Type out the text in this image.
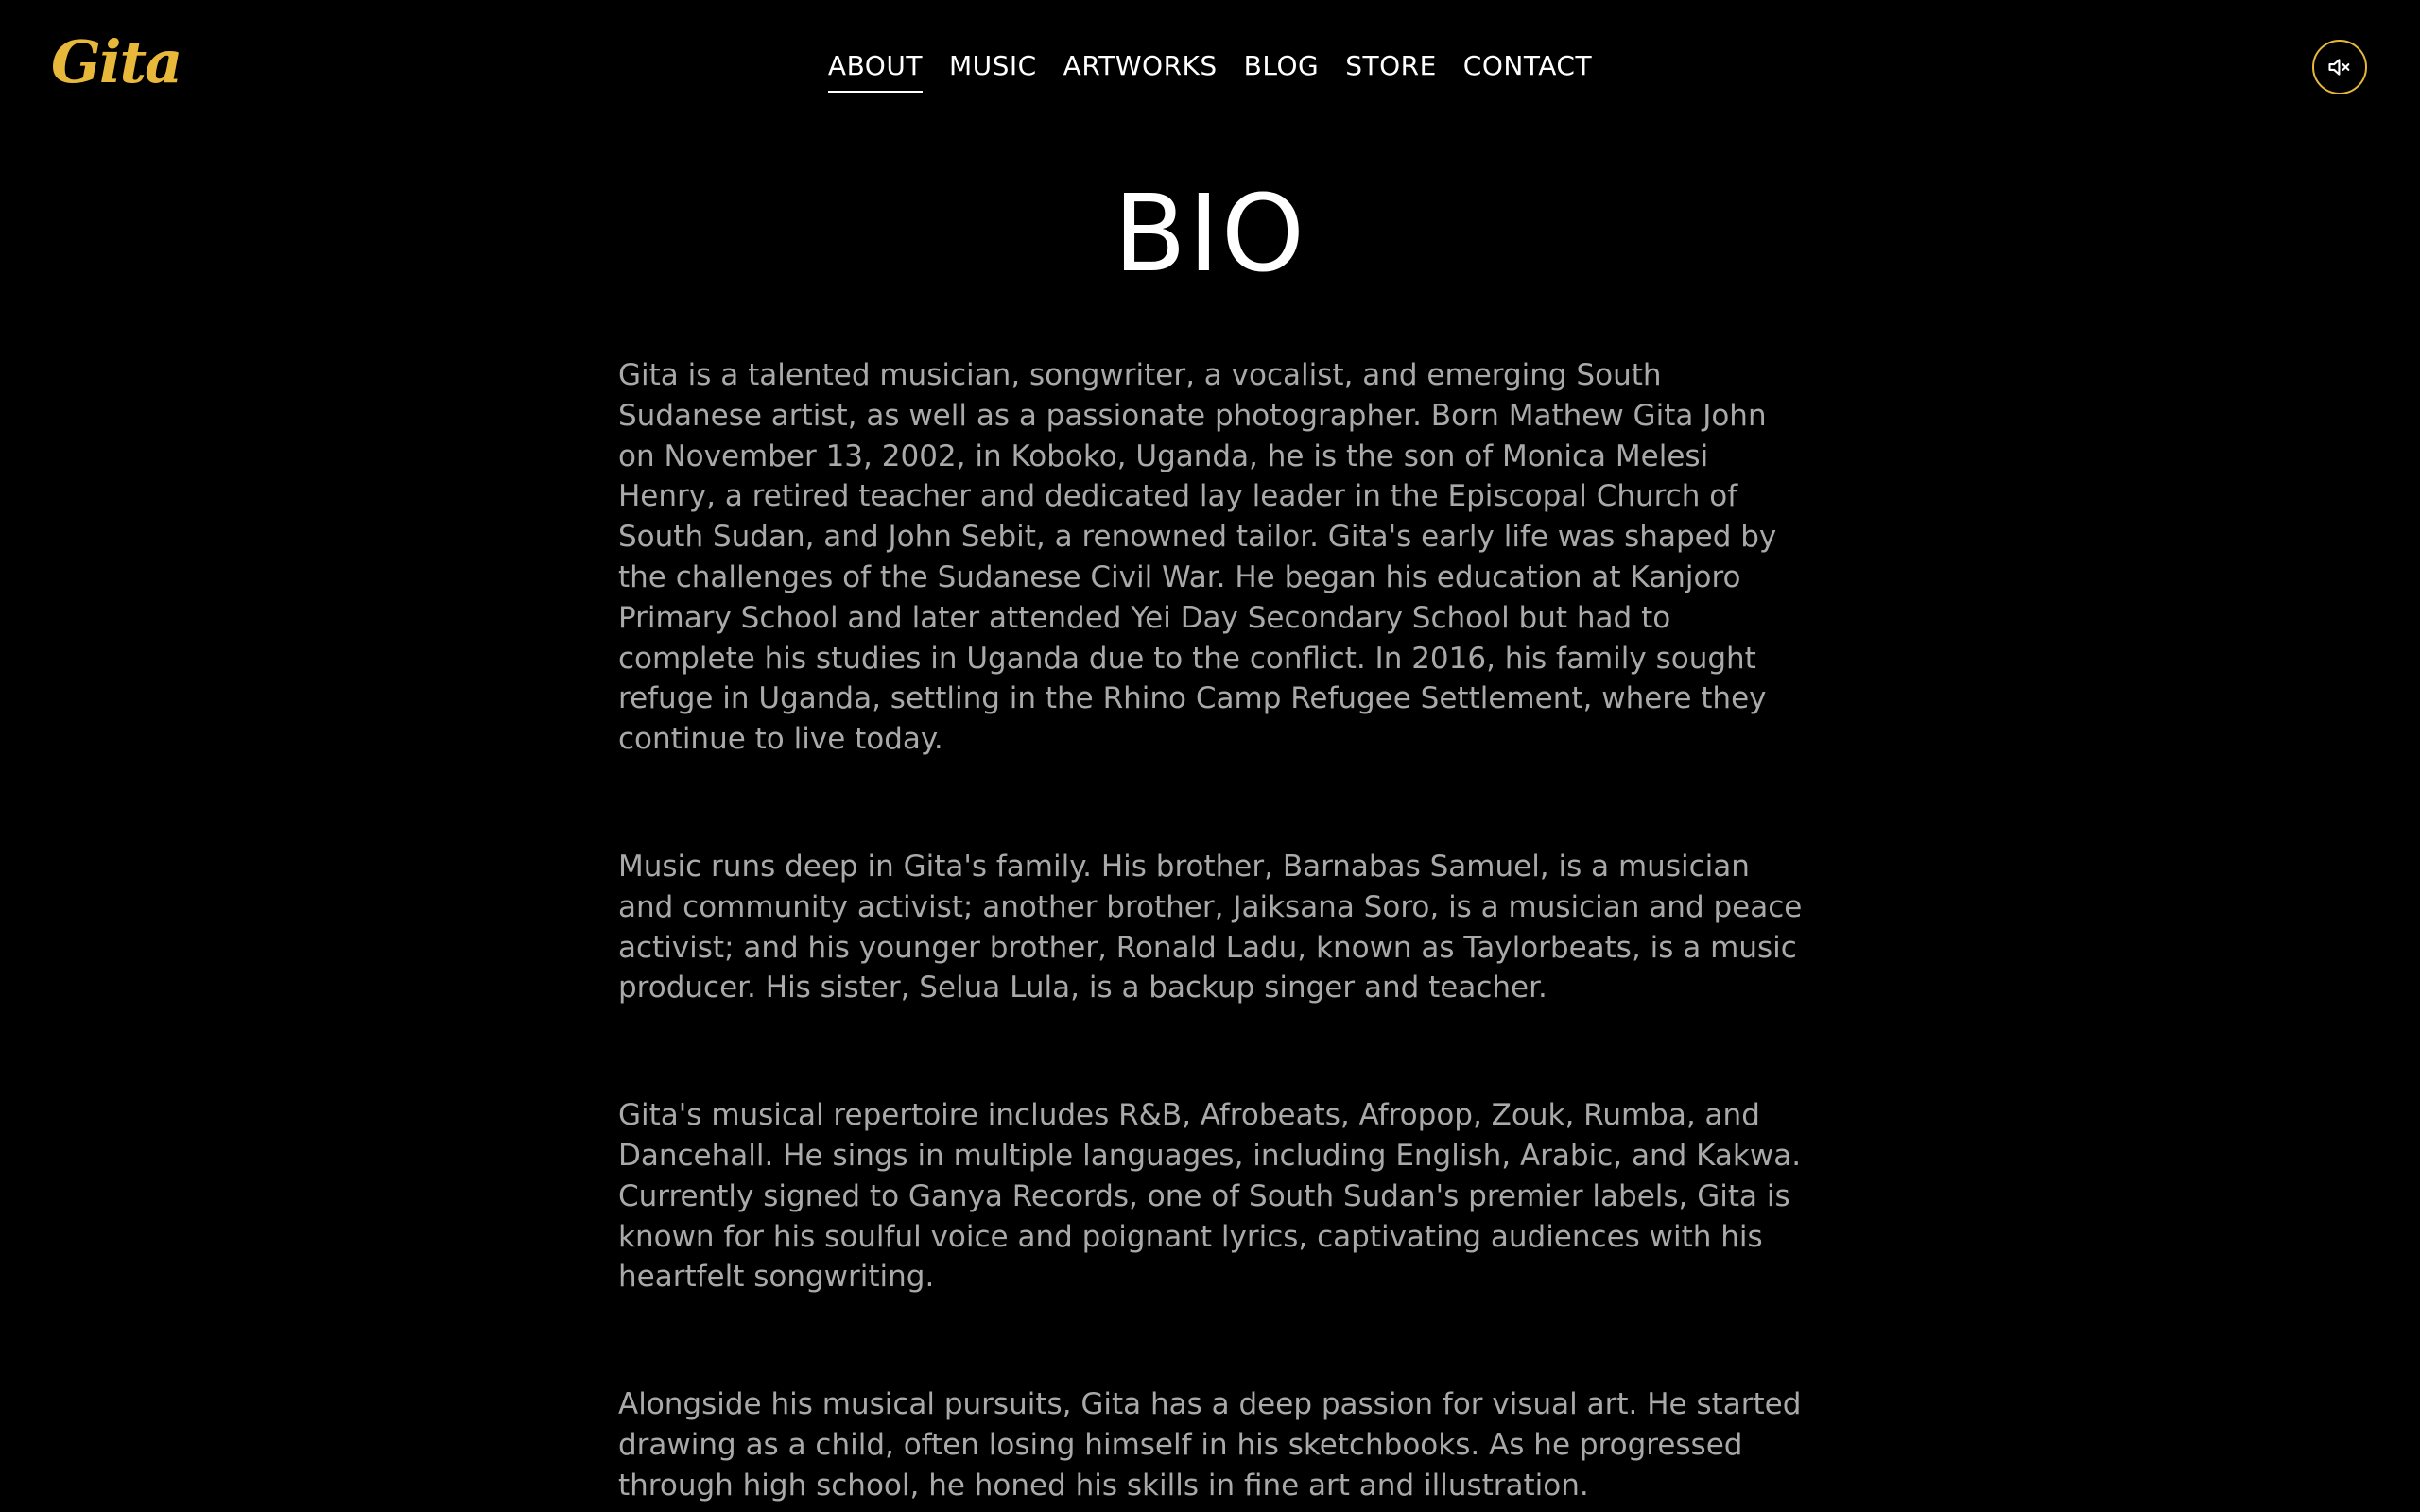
Gita	ABOUT MUSIC ARTWORKS BLOG STORE CONTACT
BIO

Gita is a talented musician, songwriter, a vocalist, and emerging South Sudanese artist, as well as a passionate photographer. Born Mathew Gita John on November 13, 2002, in Koboko, Uganda, he is the son of Monica Melesi Henry, a retired teacher and dedicated lay leader in the Episcopal Church of South Sudan, and John Sebit, a renowned tailor. Gita's early life was shaped by the challenges of the Sudanese Civil War. He began his education at Kanjoro Primary School and later attended Yei Day Secondary School but had to complete his studies in Uganda due to the conflict. In 2016, his family sought refuge in Uganda, settling in the Rhino Camp Refugee Settlement, where they continue to live today.

Music runs deep in Gita's family. His brother, Barnabas Samuel, is a musician and community activist; another brother, Jaiksana Soro, is a musician and peace activist; and his younger brother, Ronald Ladu, known as Taylorbeats, is a music producer. His sister, Selua Lula, is a backup singer and teacher.

Gita's musical repertoire includes R&B, Afrobeats, Afropop, Zouk, Rumba, and Dancehall. He sings in multiple languages, including English, Arabic, and Kakwa. Currently signed to Ganya Records, one of South Sudan's premier labels, Gita is known for his soulful voice and poignant lyrics, captivating audiences with his heartfelt songwriting.

Alongside his musical pursuits, Gita has a deep passion for visual art. He started drawing as a child, often losing himself in his sketchbooks. As he progressed through high school, he honed his skills in fine art and illustration.
